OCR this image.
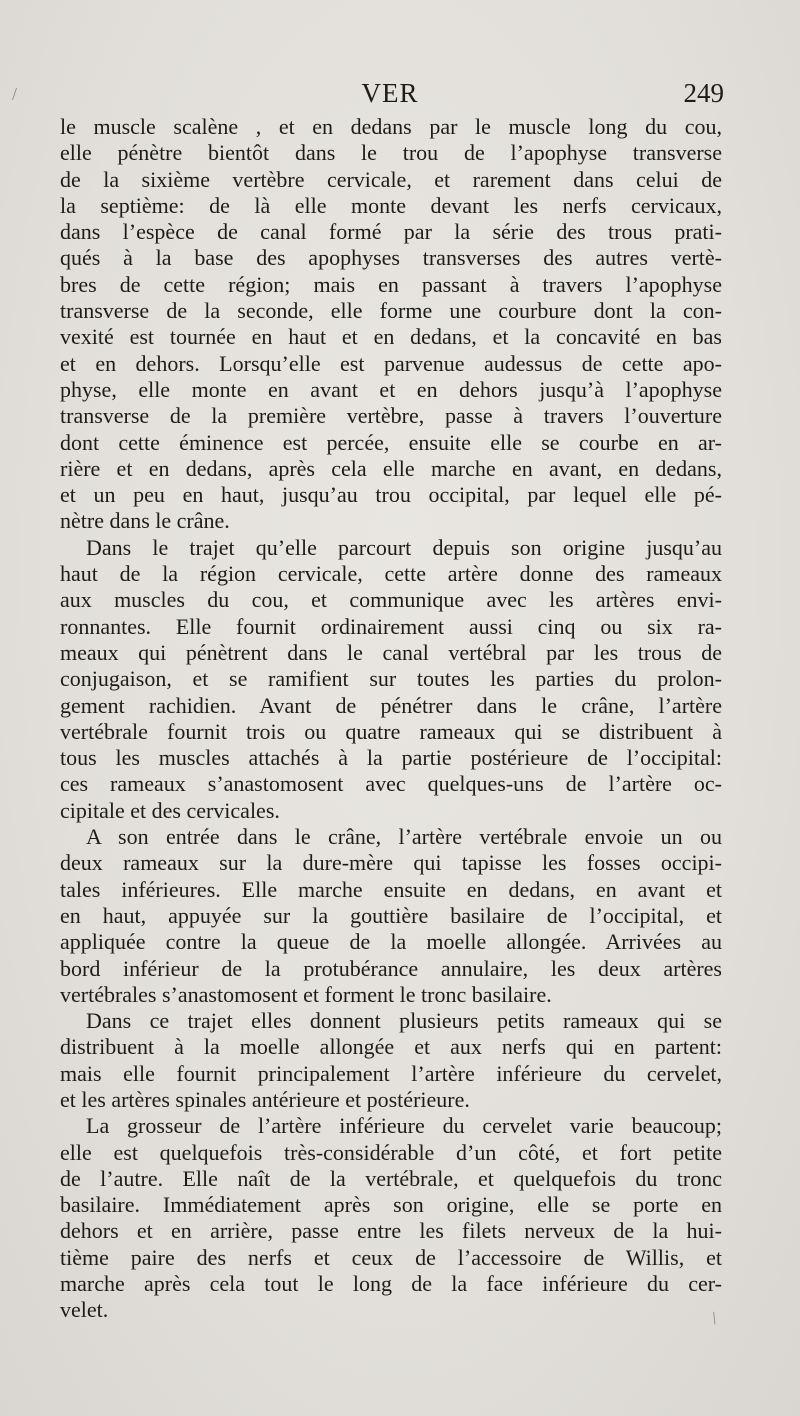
/
/
VER	249
le muscle scalène , et en dedans par le muscle long du cou,
elle pénètre bientôt dans le trou de l’apophyse transverse
de la sixième vertèbre cervicale, et rarement dans celui de
la septième: de là elle monte devant les nerfs cervicaux,
dans l’espèce de canal formé par la série des trous prati-
qués à la base des apophyses transverses des autres vertè-
bres de cette région; mais en passant à travers l’apophyse
transverse de la seconde, elle forme une courbure dont la con-
vexité est tournée en haut et en dedans, et la concavité en bas
et en dehors. Lorsqu’elle est parvenue audessus de cette apo-
physe, elle monte en avant et en dehors jusqu’à l’apophyse
transverse de la première vertèbre, passe à travers l’ouverture
dont cette éminence est percée, ensuite elle se courbe en ar-
rière et en dedans, après cela elle marche en avant, en dedans,
et un peu en haut, jusqu’au trou occipital, par lequel elle pé-
nètre dans le crâne.
Dans le trajet qu’elle parcourt depuis son origine jusqu’au
haut de la région cervicale, cette artère donne des rameaux
aux muscles du cou, et communique avec les artères envi-
ronnantes. Elle fournit ordinairement aussi cinq ou six ra-
meaux qui pénètrent dans le canal vertébral par les trous de
conjugaison, et se ramifient sur toutes les parties du prolon-
gement rachidien. Avant de pénétrer dans le crâne, l’artère
vertébrale fournit trois ou quatre rameaux qui se distribuent à
tous les muscles attachés à la partie postérieure de l’occipital:
ces rameaux s’anastomosent avec quelques-uns de l’artère oc-
cipitale et des cervicales.
A son entrée dans le crâne, l’artère vertébrale envoie un ou
deux rameaux sur la dure-mère qui tapisse les fosses occipi-
tales inférieures. Elle marche ensuite en dedans, en avant et
en haut, appuyée sur la gouttière basilaire de l’occipital, et
appliquée contre la queue de la moelle allongée. Arrivées au
bord inférieur de la protubérance annulaire, les deux artères
vertébrales s’anastomosent et forment le tronc basilaire.
Dans ce trajet elles donnent plusieurs petits rameaux qui se
distribuent à la moelle allongée et aux nerfs qui en partent:
mais elle fournit principalement l’artère inférieure du cervelet,
et les artères spinales antérieure et postérieure.
La grosseur de l’artère inférieure du cervelet varie beaucoup;
elle est quelquefois très-considérable d’un côté, et fort petite
de l’autre. Elle naît de la vertébrale, et quelquefois du tronc
basilaire. Immédiatement après son origine, elle se porte en
dehors et en arrière, passe entre les filets nerveux de la hui-
tième paire des nerfs et ceux de l’accessoire de Willis, et
marche après cela tout le long de la face inférieure du cer-
velet.
